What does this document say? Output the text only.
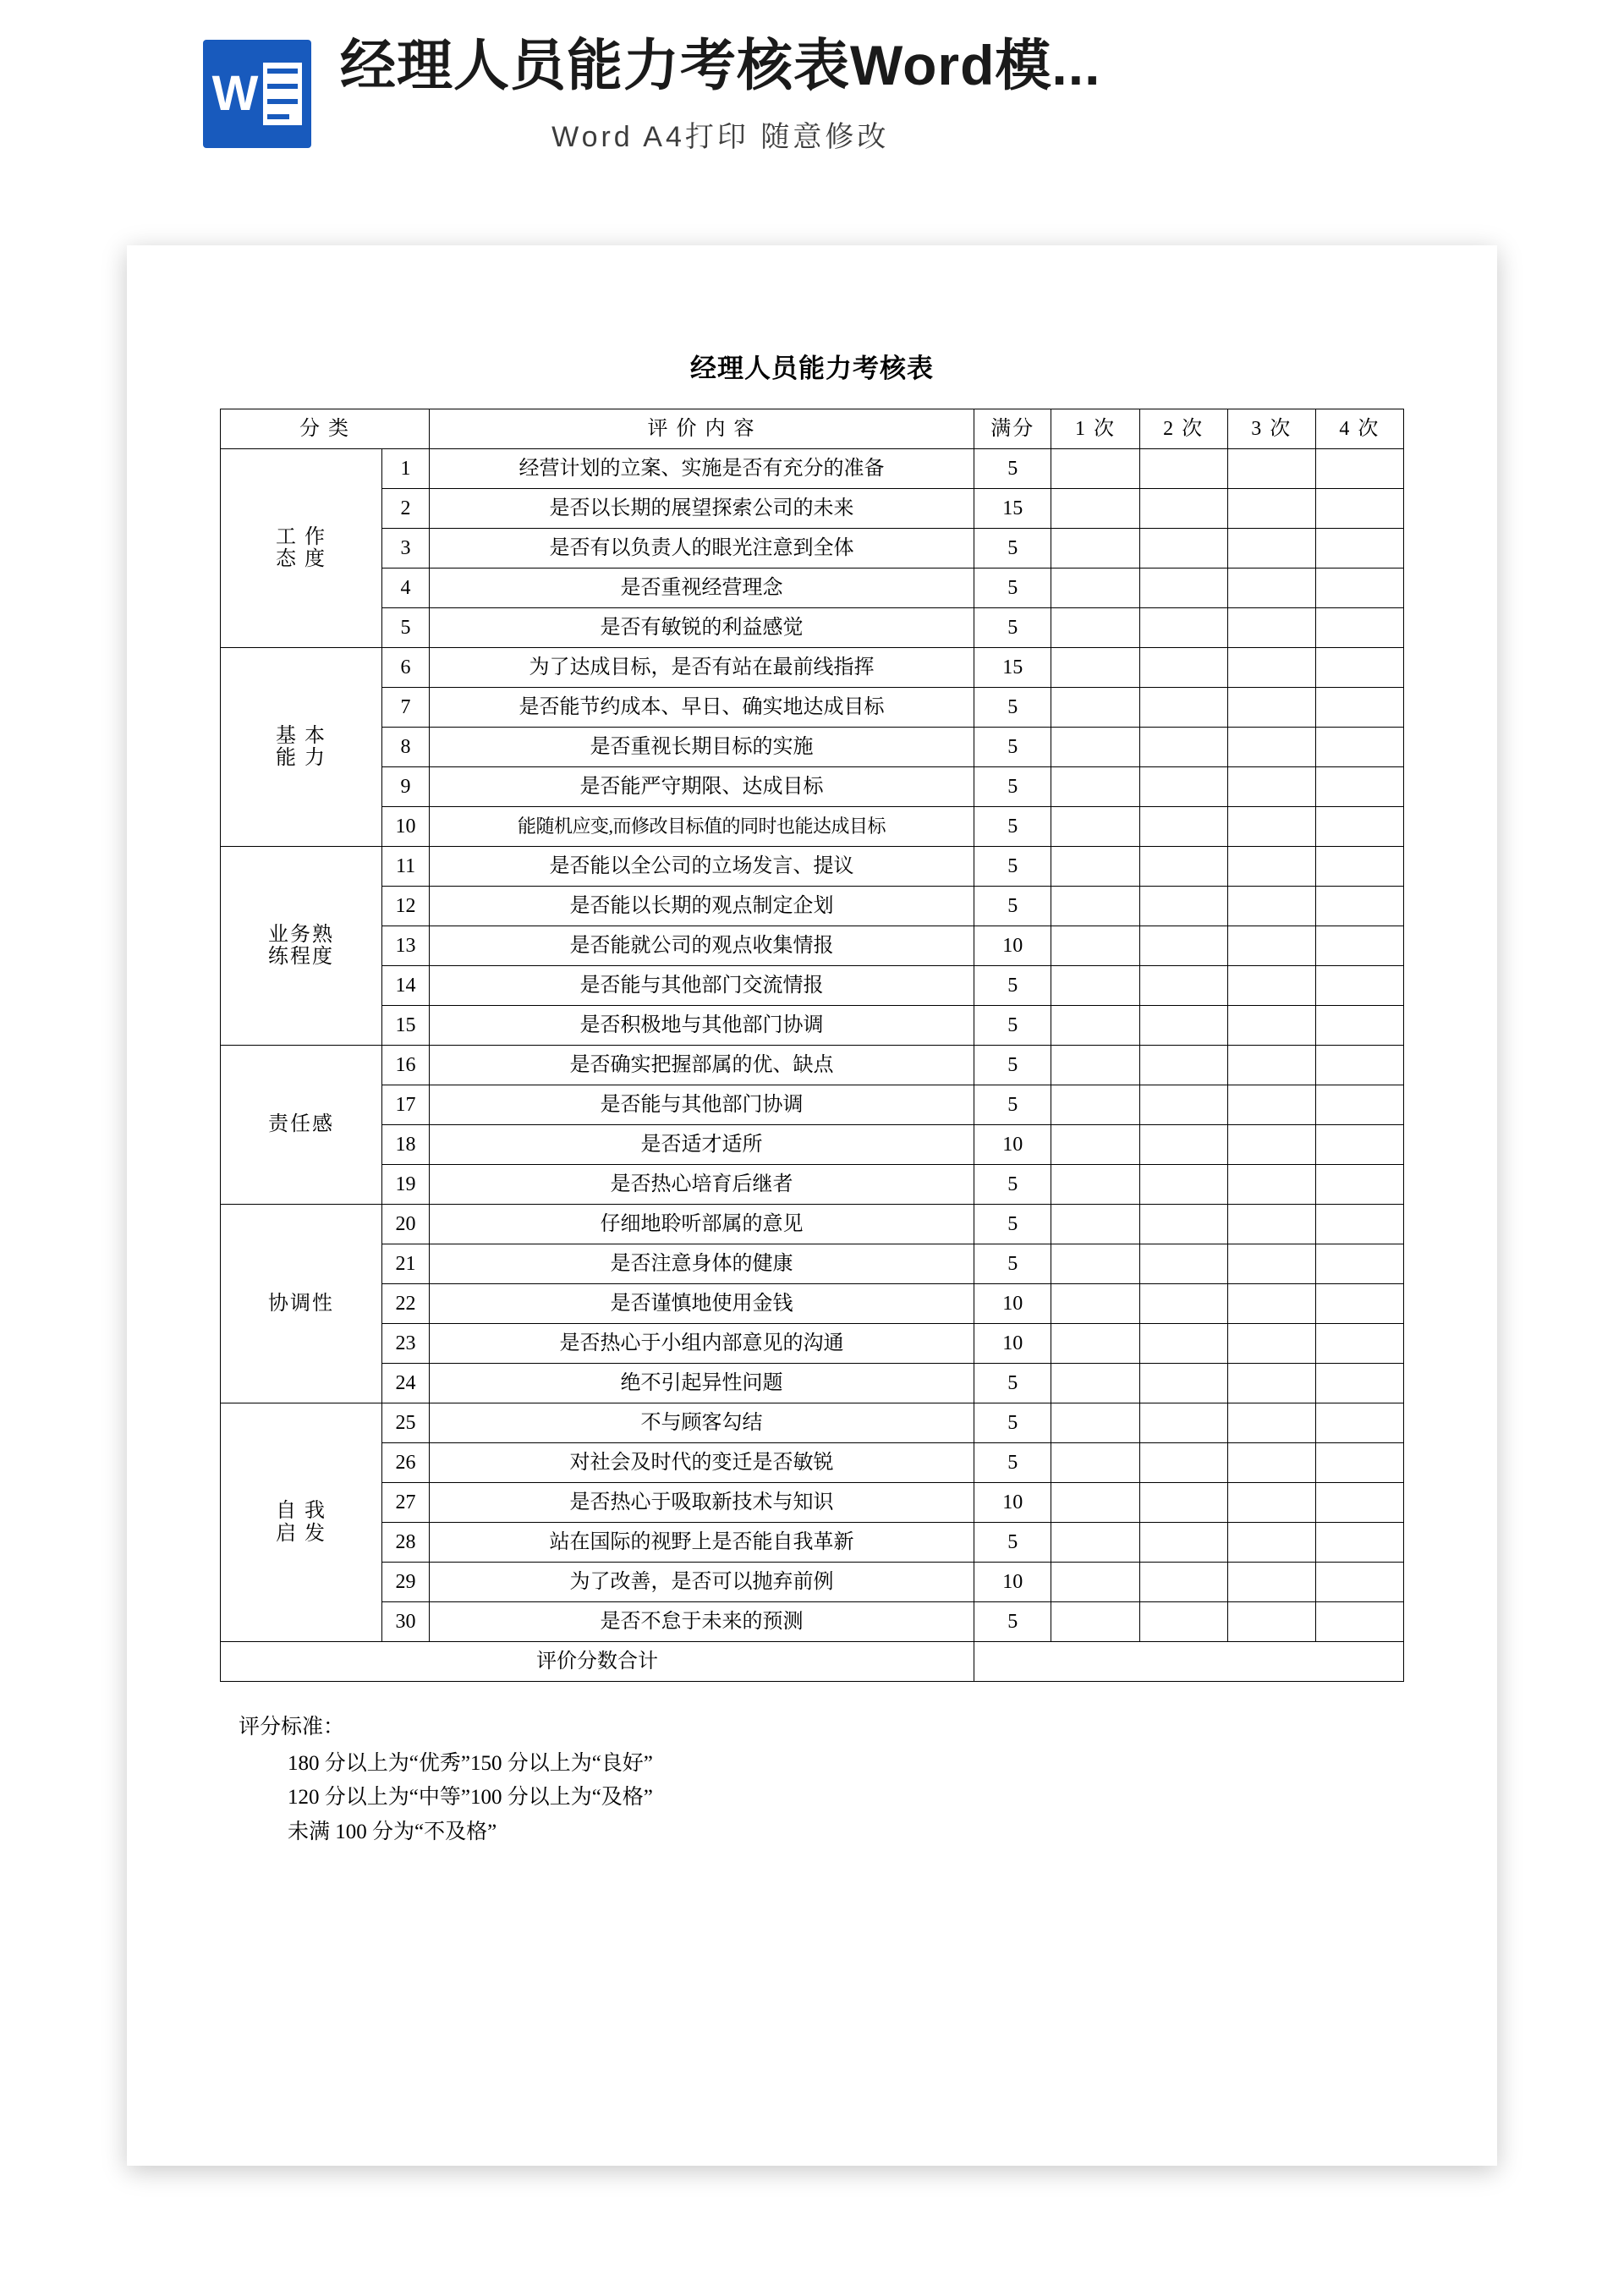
W 经理人员能力考核表Word模...
Word A4打印 随意修改
经理人员能力考核表
分 类		评 价 内 容	满分	1 次	2 次	3 次	4 次
工 作
态 度	1	经营计划的立案、实施是否有充分的准备	5				
	2	是否以长期的展望探索公司的未来	15				
	3	是否有以负责人的眼光注意到全体	5				
	4	是否重视经营理念	5				
	5	是否有敏锐的利益感觉	5				
基 本
能 力	6	为了达成目标，是否有站在最前线指挥	15				
	7	是否能节约成本、早日、确实地达成目标	5				
	8	是否重视长期目标的实施	5				
	9	是否能严守期限、达成目标	5				
	10	能随机应变,而修改目标值的同时也能达成目标	5				
业务熟
练程度	11	是否能以全公司的立场发言、提议	5				
	12	是否能以长期的观点制定企划	5				
	13	是否能就公司的观点收集情报	10				
	14	是否能与其他部门交流情报	5				
	15	是否积极地与其他部门协调	5				
责任感	16	是否确实把握部属的优、缺点	5				
	17	是否能与其他部门协调	5				
	18	是否适才适所	10				
	19	是否热心培育后继者	5				
协调性	20	仔细地聆听部属的意见	5				
	21	是否注意身体的健康	5				
	22	是否谨慎地使用金钱	10				
	23	是否热心于小组内部意见的沟通	10				
	24	绝不引起异性问题	5				
自 我
启 发	25	不与顾客勾结	5				
	26	对社会及时代的变迁是否敏锐	5				
	27	是否热心于吸取新技术与知识	10				
	28	站在国际的视野上是否能自我革新	5				
	29	为了改善，是否可以抛弃前例	10				
	30	是否不怠于未来的预测	5				
评价分数合计							
评分标准：
180 分以上为“优秀”150 分以上为“良好”
120 分以上为“中等”100 分以上为“及格”
未满 100 分为“不及格”
